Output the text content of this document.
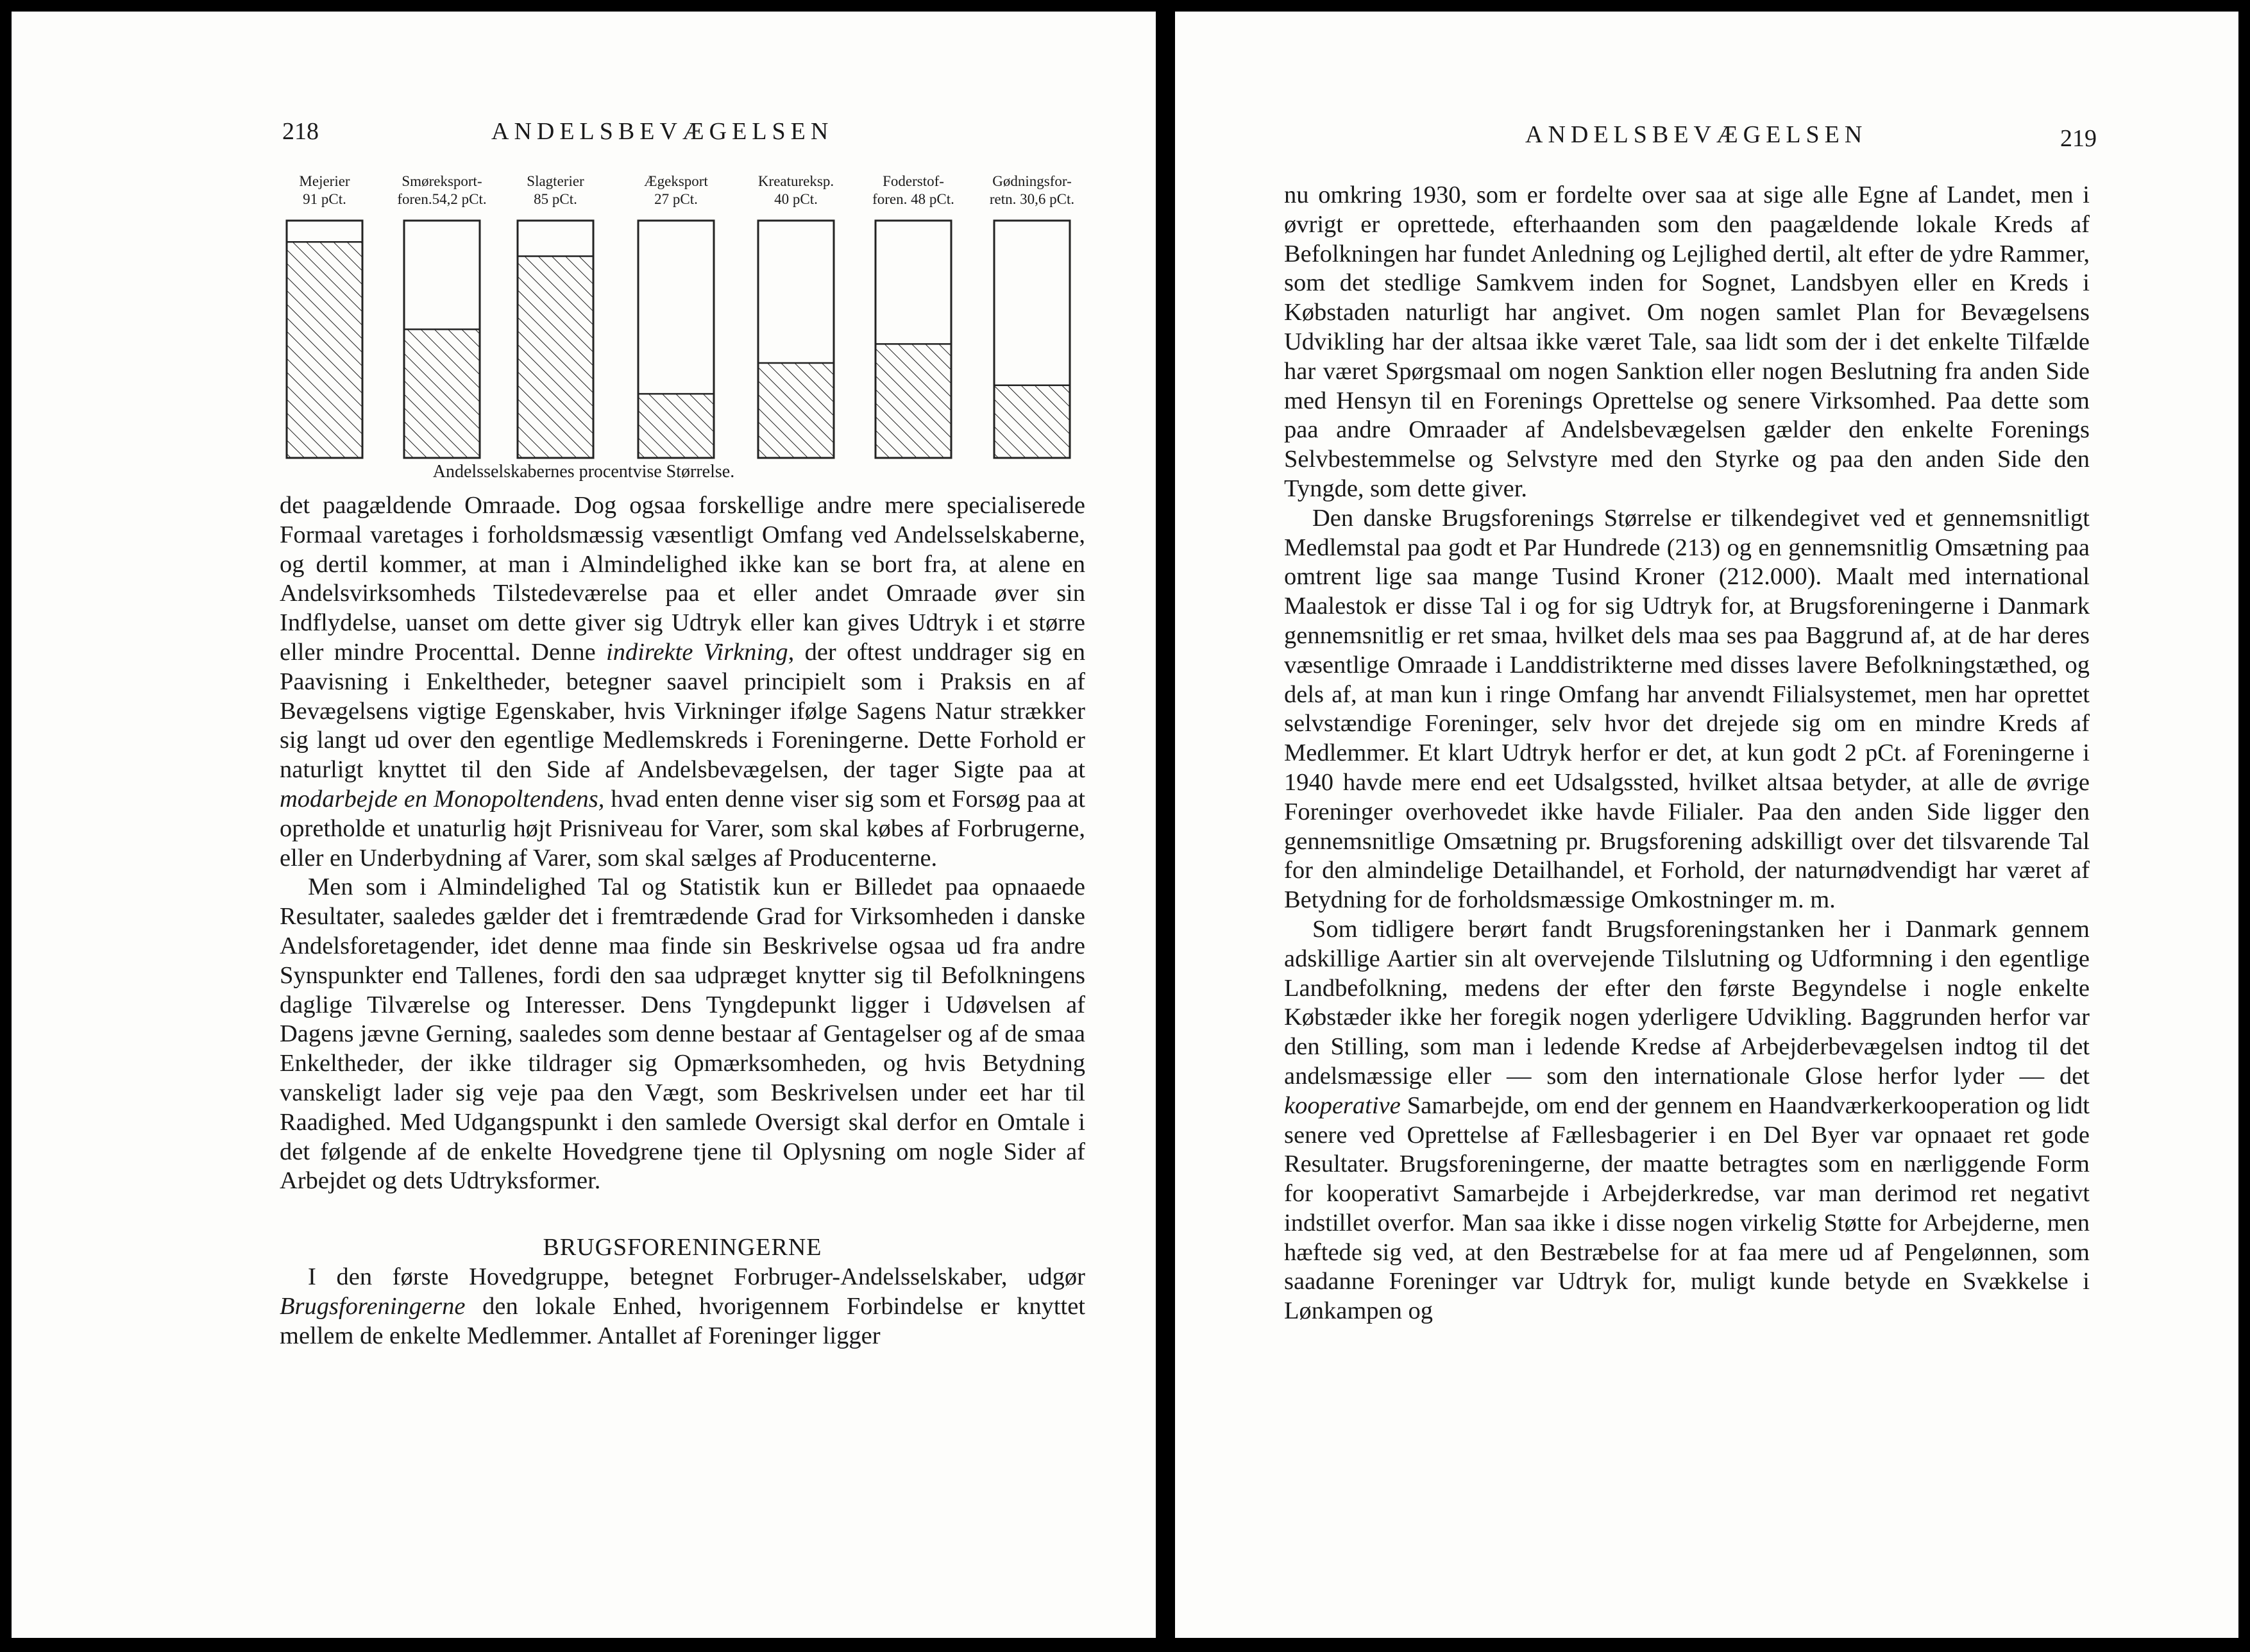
218	ANDELSBEVÆGELSEN
Mejerier
91 pCt.
Smøreksport-
foren.54,2 pCt.
Slagterier
85 pCt.
Ægeksport
27 pCt.
Kreatureksp.
40 pCt.
Foderstof-
foren. 48 pCt.
Gødningsfor-
retn. 30,6 pCt.
Andelsselskabernes procentvise Størrelse.

det paagældende Omraade. Dog ogsaa forskellige andre mere specialiserede Formaal varetages i forholdsmæssig væsentligt Omfang ved Andelsselskaberne, og dertil kommer, at man i Almindelighed ikke kan se bort fra, at alene en Andelsvirksomheds Tilstedeværelse paa et eller andet Omraade øver sin Indflydelse, uanset om dette giver sig Udtryk eller kan gives Udtryk i et større eller mindre Procenttal. Denne indirekte Virkning, der oftest unddrager sig en Paavisning i Enkeltheder, betegner saavel principielt som i Praksis en af Bevægelsens vigtige Egenskaber, hvis Virkninger ifølge Sagens Natur strækker sig langt ud over den egentlige Medlemskreds i Foreningerne. Dette Forhold er naturligt knyttet til den Side af Andelsbevægelsen, der tager Sigte paa at modarbejde en Monopoltendens, hvad enten denne viser sig som et Forsøg paa at opretholde et unaturlig højt Prisniveau for Varer, som skal købes af Forbrugerne, eller en Underbydning af Varer, som skal sælges af Producenterne.

Men som i Almindelighed Tal og Statistik kun er Billedet paa opnaaede Resultater, saaledes gælder det i fremtrædende Grad for Virksomheden i danske Andelsforetagender, idet denne maa finde sin Beskrivelse ogsaa ud fra andre Synspunkter end Tallenes, fordi den saa udpræget knytter sig til Befolkningens daglige Tilværelse og Interesser. Dens Tyngdepunkt ligger i Udøvelsen af Dagens jævne Gerning, saaledes som denne bestaar af Gentagelser og af de smaa Enkeltheder, der ikke tildrager sig Opmærksomheden, og hvis Betydning vanskeligt lader sig veje paa den Vægt, som Beskrivelsen under eet har til Raadighed. Med Udgangspunkt i den samlede Oversigt skal derfor en Omtale i det følgende af de enkelte Hovedgrene tjene til Oplysning om nogle Sider af Arbejdet og dets Udtryksformer.

BRUGSFORENINGERNE

I den første Hovedgruppe, betegnet Forbruger-Andelsselskaber, udgør Brugsforeningerne den lokale Enhed, hvorigennem Forbindelse er knyttet mellem de enkelte Medlemmer. Antallet af Foreninger ligger

ANDELSBEVÆGELSEN	219

nu omkring 1930, som er fordelte over saa at sige alle Egne af Landet, men i øvrigt er oprettede, efterhaanden som den paagældende lokale Kreds af Befolkningen har fundet Anledning og Lejlighed dertil, alt efter de ydre Rammer, som det stedlige Samkvem inden for Sognet, Landsbyen eller en Kreds i Købstaden naturligt har angivet. Om nogen samlet Plan for Bevægelsens Udvikling har der altsaa ikke været Tale, saa lidt som der i det enkelte Tilfælde har været Spørgsmaal om nogen Sanktion eller nogen Beslutning fra anden Side med Hensyn til en Forenings Oprettelse og senere Virksomhed. Paa dette som paa andre Omraader af Andelsbevægelsen gælder den enkelte Forenings Selvbestemmelse og Selvstyre med den Styrke og paa den anden Side den Tyngde, som dette giver.

Den danske Brugsforenings Størrelse er tilkendegivet ved et gennemsnitligt Medlemstal paa godt et Par Hundrede (213) og en gennemsnitlig Omsætning paa omtrent lige saa mange Tusind Kroner (212.000). Maalt med international Maalestok er disse Tal i og for sig Udtryk for, at Brugsforeningerne i Danmark gennemsnitlig er ret smaa, hvilket dels maa ses paa Baggrund af, at de har deres væsentlige Omraade i Landdistrikterne med disses lavere Befolkningstæthed, og dels af, at man kun i ringe Omfang har anvendt Filialsystemet, men har oprettet selvstændige Foreninger, selv hvor det drejede sig om en mindre Kreds af Medlemmer. Et klart Udtryk herfor er det, at kun godt 2 pCt. af Foreningerne i 1940 havde mere end eet Udsalgssted, hvilket altsaa betyder, at alle de øvrige Foreninger overhovedet ikke havde Filialer. Paa den anden Side ligger den gennemsnitlige Omsætning pr. Brugsforening adskilligt over det tilsvarende Tal for den almindelige Detailhandel, et Forhold, der naturnødvendigt har været af Betydning for de forholdsmæssige Omkostninger m. m.

Som tidligere berørt fandt Brugsforeningstanken her i Danmark gennem adskillige Aartier sin alt overvejende Tilslutning og Udformning i den egentlige Landbefolkning, medens der efter den første Begyndelse i nogle enkelte Købstæder ikke her foregik nogen yderligere Udvikling. Baggrunden herfor var den Stilling, som man i ledende Kredse af Arbejderbevægelsen indtog til det andelsmæssige eller — som den internationale Glose herfor lyder — det kooperative Samarbejde, om end der gennem en Haandværkerkooperation og lidt senere ved Oprettelse af Fællesbagerier i en Del Byer var opnaaet ret gode Resultater. Brugsforeningerne, der maatte betragtes som en nærliggende Form for kooperativt Samarbejde i Arbejderkredse, var man derimod ret negativt indstillet overfor. Man saa ikke i disse nogen virkelig Støtte for Arbejderne, men hæftede sig ved, at den Bestræbelse for at faa mere ud af Pengelønnen, som saadanne Foreninger var Udtryk for, muligt kunde betyde en Svækkelse i Lønkampen og
